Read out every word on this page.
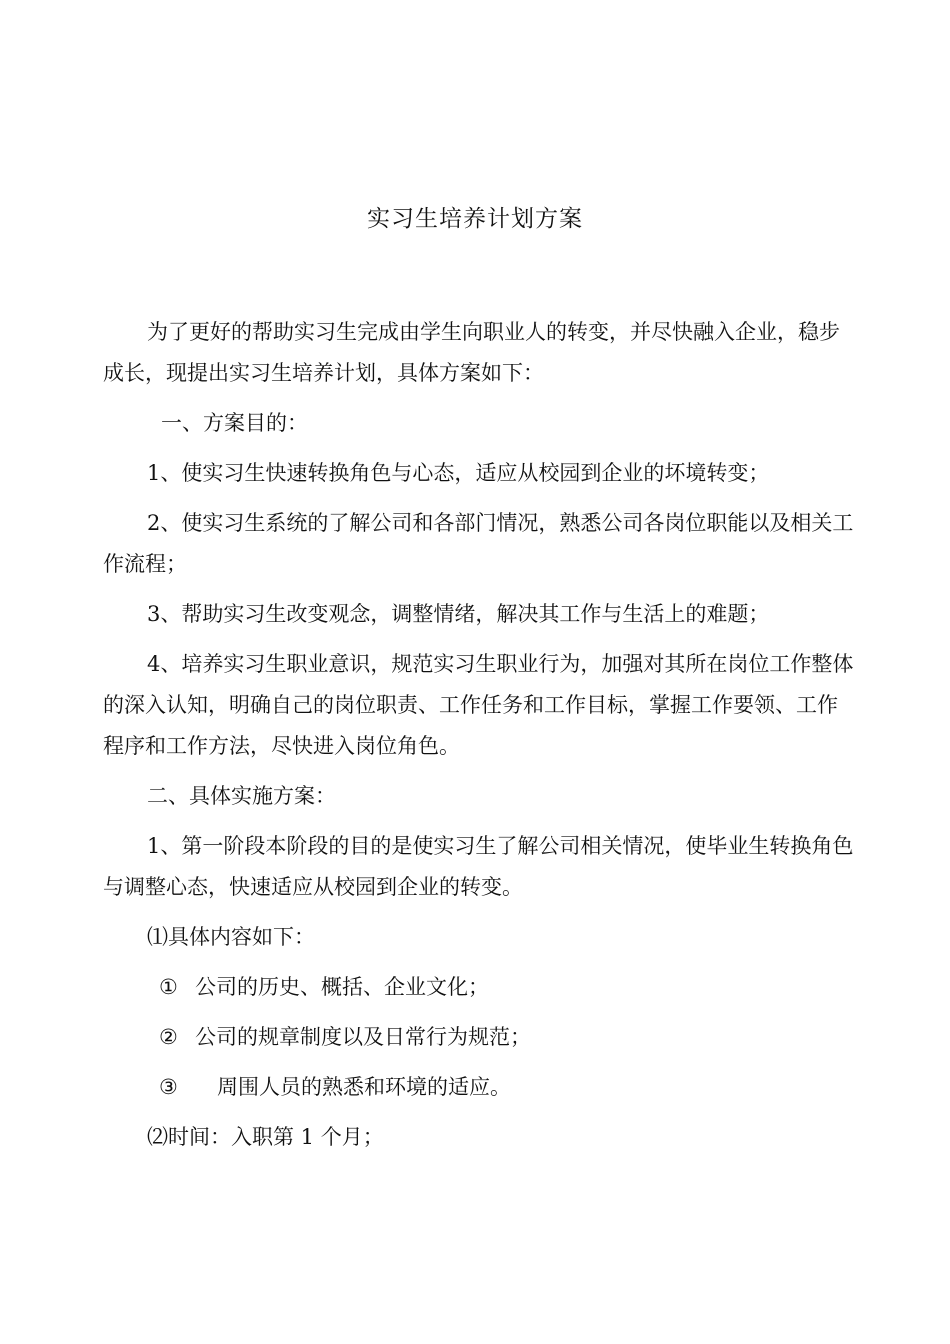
实习生培养计划方案

为了更好的帮助实习生完成由学生向职业人的转变，并尽快融入企业，稳步成长，现提出实习生培养计划，具体方案如下：

一、方案目的：

1、使实习生快速转换角色与心态，适应从校园到企业的坏境转变；

2、使实习生系统的了解公司和各部门情况，熟悉公司各岗位职能以及相关工作流程；

3、帮助实习生改变观念，调整情绪，解决其工作与生活上的难题；

4、培养实习生职业意识，规范实习生职业行为，加强对其所在岗位工作整体的深入认知，明确自己的岗位职责、工作任务和工作目标，掌握工作要领、工作程序和工作方法，尽快进入岗位角色。

二、具体实施方案：

1、第一阶段本阶段的目的是使实习生了解公司相关情况，使毕业生转换角色与调整心态，快速适应从校园到企业的转变。

⑴具体内容如下：

① 公司的历史、概括、企业文化；

② 公司的规章制度以及日常行为规范；

③ 周围人员的熟悉和环境的适应。

⑵时间：入职第 1 个月；
